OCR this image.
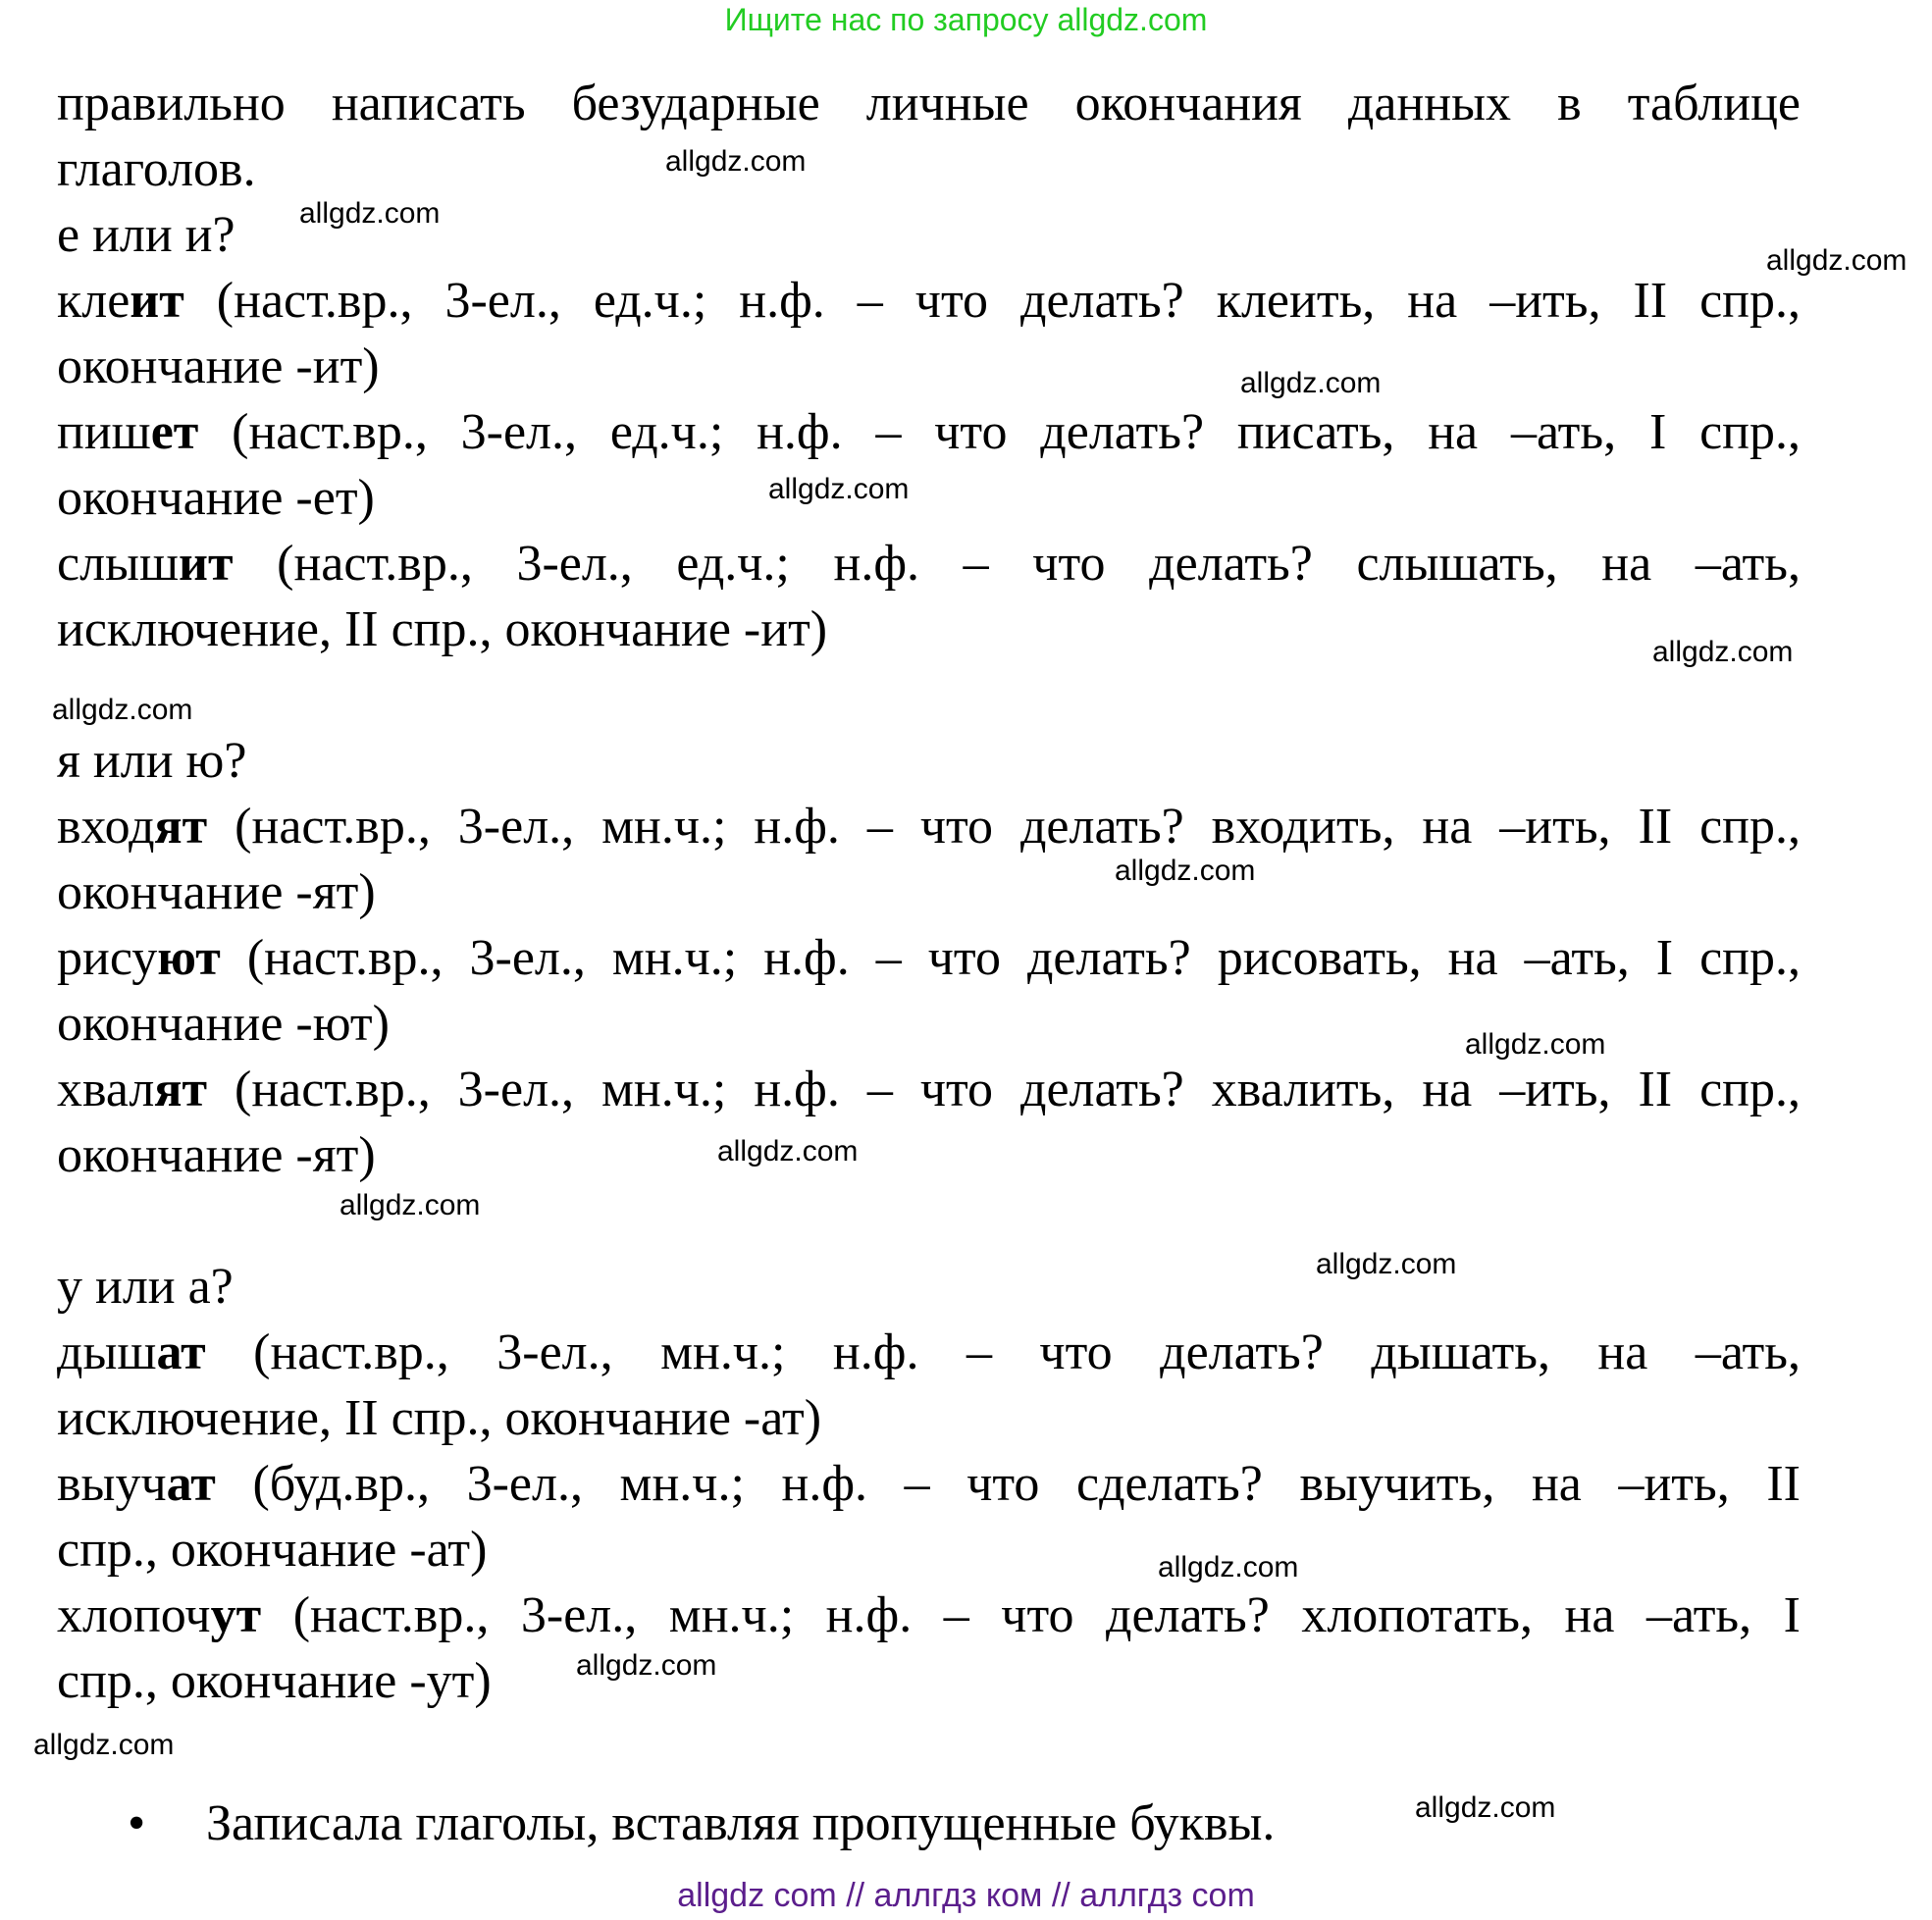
Ищите нас по запросу allgdz.com
правильно написать безударные личные окончания данных в таблице
глаголов.
е или и?
клеит (наст.вр., 3-ел., ед.ч.; н.ф. – что делать? клеить, на –ить, II спр.,
окончание -ит)
пишет (наст.вр., 3-ел., ед.ч.; н.ф. – что делать? писать, на –ать, I спр.,
окончание -ет)
слышит (наст.вр., 3-ел., ед.ч.; н.ф. – что делать? слышать, на –ать,
исключение, II спр., окончание -ит)
я или ю?
входят (наст.вр., 3-ел., мн.ч.; н.ф. – что делать? входить, на –ить, II спр.,
окончание -ят)
рисуют (наст.вр., 3-ел., мн.ч.; н.ф. – что делать? рисовать, на –ать, I спр.,
окончание -ют)
хвалят (наст.вр., 3-ел., мн.ч.; н.ф. – что делать? хвалить, на –ить, II спр.,
окончание -ят)
у или а?
дышат (наст.вр., 3-ел., мн.ч.; н.ф. – что делать? дышать, на –ать,
исключение, II спр., окончание -ат)
выучат (буд.вр., 3-ел., мн.ч.; н.ф. – что сделать? выучить, на –ить, II
спр., окончание -ат)
хлопочут (наст.вр., 3-ел., мн.ч.; н.ф. – что делать? хлопотать, на –ать, I
спр., окончание -ут)
• Записала глаголы, вставляя пропущенные буквы.
allgdz.com
allgdz.com
allgdz.com
allgdz.com
allgdz.com
allgdz.com
allgdz.com
allgdz.com
allgdz.com
allgdz.com
allgdz.com
allgdz.com
allgdz.com
allgdz.com
allgdz.com
allgdz.com
allgdz com // аллгдз ком // аллгдз com
